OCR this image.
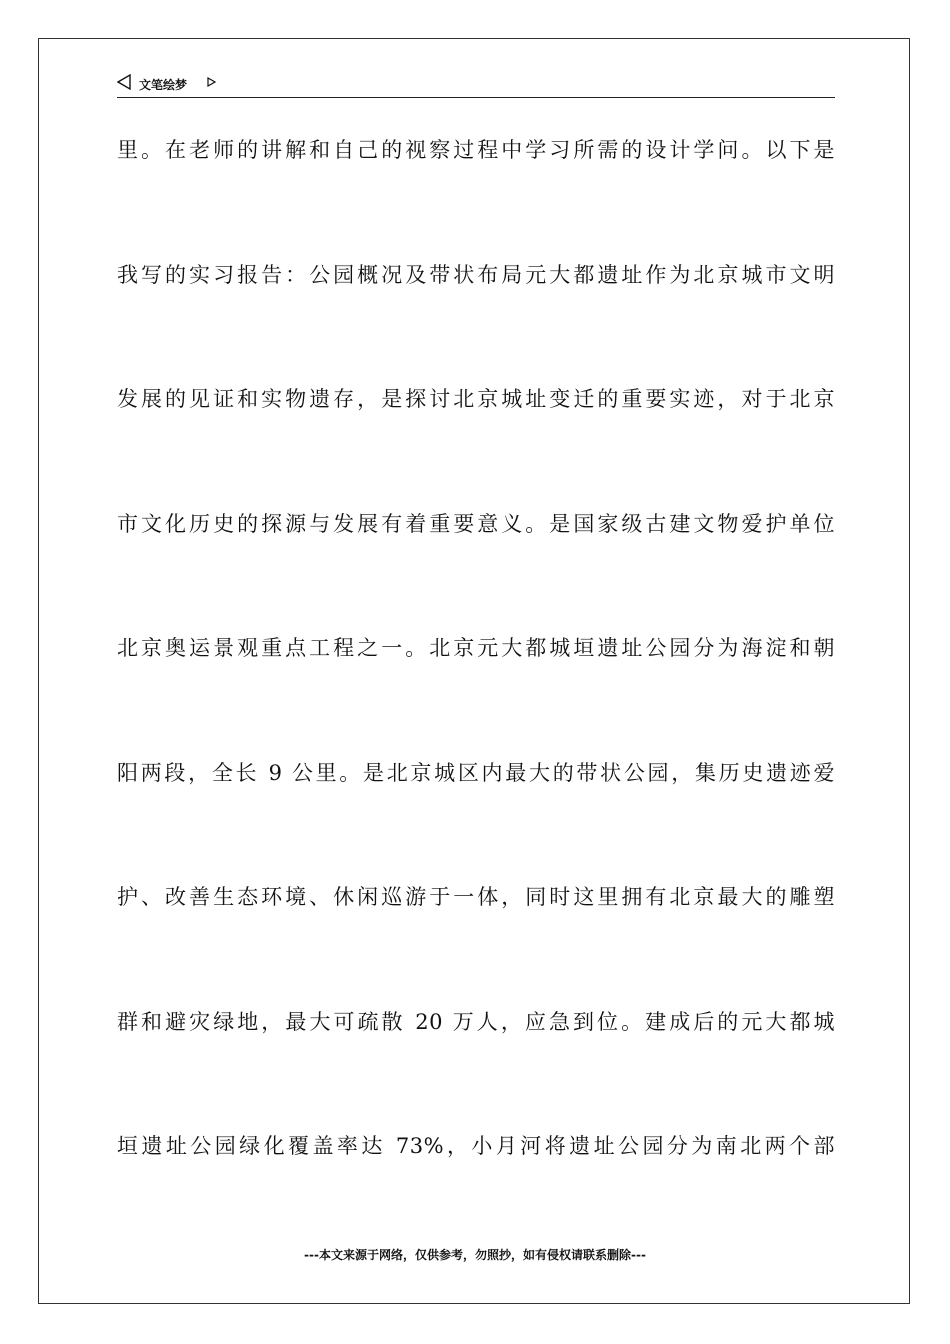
文笔绘梦
里。在老师的讲解和自己的视察过程中学习所需的设计学问。以下是
我写的实习报告：公园概况及带状布局元大都遗址作为北京城市文明
发展的见证和实物遗存，是探讨北京城址变迁的重要实迹，对于北京
市文化历史的探源与发展有着重要意义。是国家级古建文物爱护单位
北京奥运景观重点工程之一。北京元大都城垣遗址公园分为海淀和朝
阳两段，全长 9 公里。是北京城区内最大的带状公园，集历史遗迹爱
护、改善生态环境、休闲巡游于一体，同时这里拥有北京最大的雕塑
群和避灾绿地，最大可疏散 20 万人，应急到位。建成后的元大都城
垣遗址公园绿化覆盖率达 73%，小月河将遗址公园分为南北两个部
---本文来源于网络，仅供参考，勿照抄，如有侵权请联系删除---
